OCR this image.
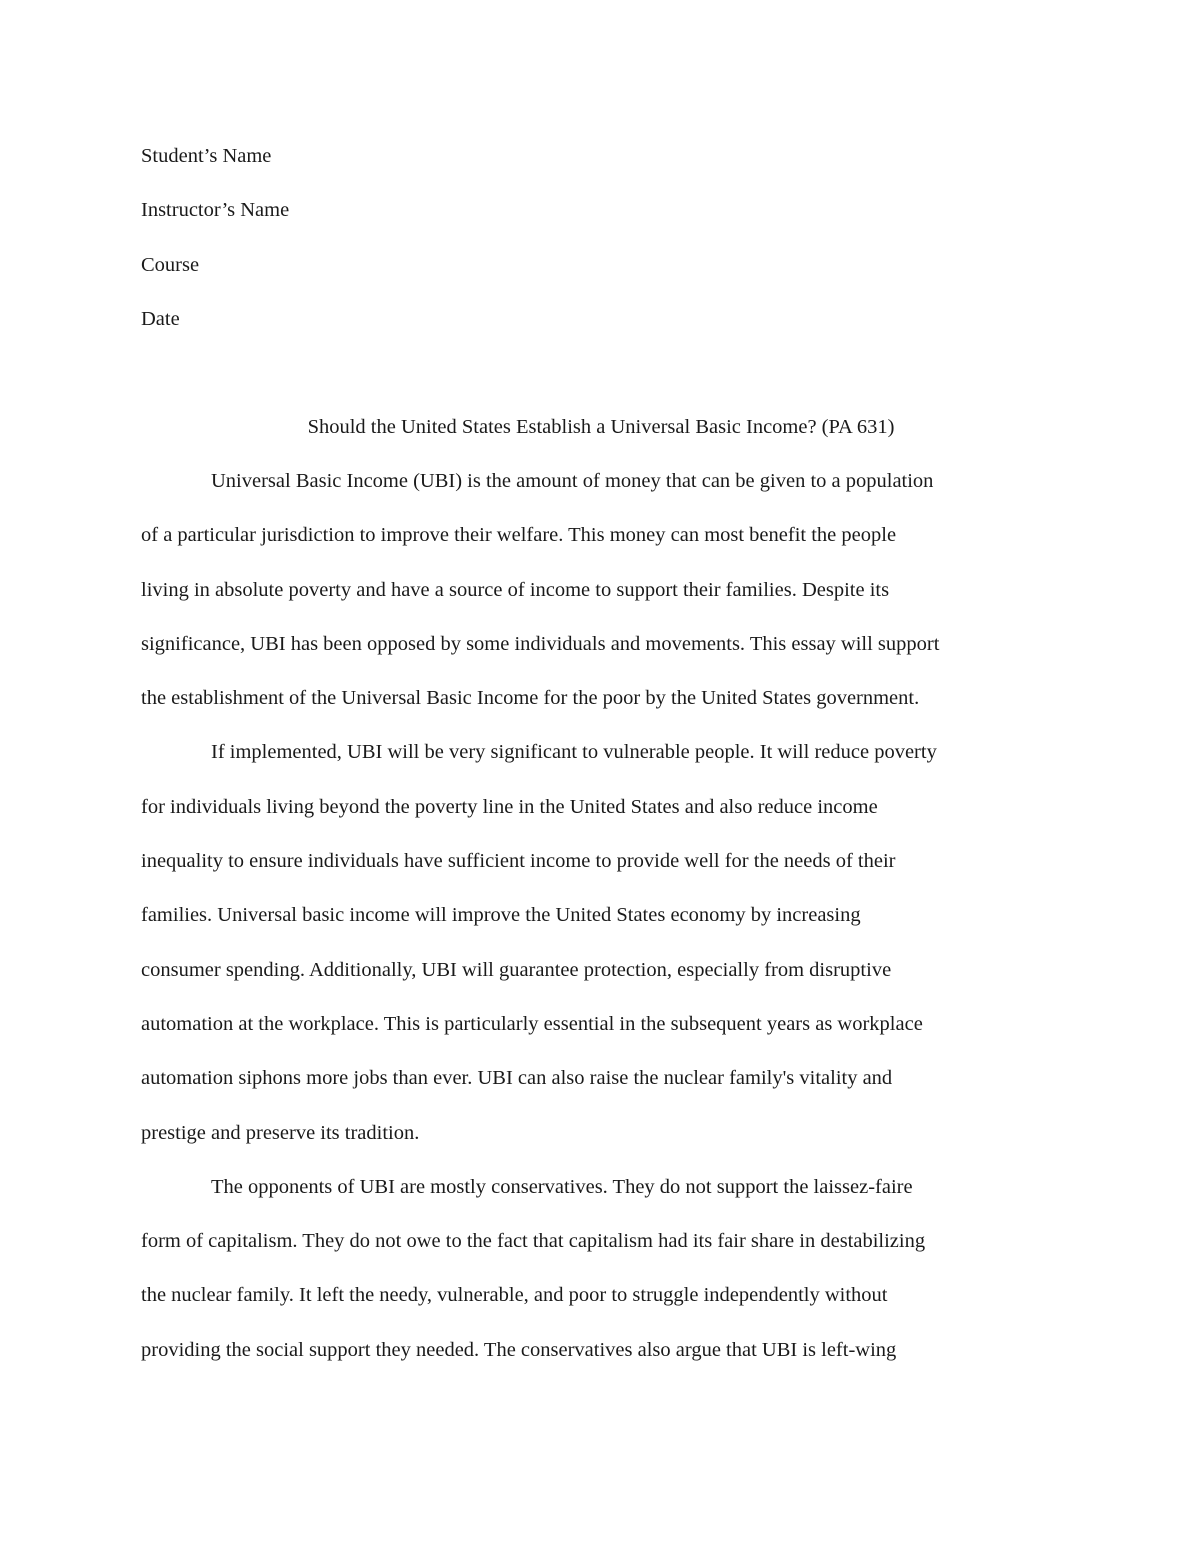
Student’s Name
Instructor’s Name
Course
Date
Should the United States Establish a Universal Basic Income? (PA 631)
Universal Basic Income (UBI) is the amount of money that can be given to a population
of a particular jurisdiction to improve their welfare. This money can most benefit the people
living in absolute poverty and have a source of income to support their families. Despite its
significance, UBI has been opposed by some individuals and movements. This essay will support
the establishment of the Universal Basic Income for the poor by the United States government.
If implemented, UBI will be very significant to vulnerable people. It will reduce poverty
for individuals living beyond the poverty line in the United States and also reduce income
inequality to ensure individuals have sufficient income to provide well for the needs of their
families. Universal basic income will improve the United States economy by increasing
consumer spending. Additionally, UBI will guarantee protection, especially from disruptive
automation at the workplace. This is particularly essential in the subsequent years as workplace
automation siphons more jobs than ever. UBI can also raise the nuclear family's vitality and
prestige and preserve its tradition.
The opponents of UBI are mostly conservatives. They do not support the laissez-faire
form of capitalism. They do not owe to the fact that capitalism had its fair share in destabilizing
the nuclear family. It left the needy, vulnerable, and poor to struggle independently without
providing the social support they needed. The conservatives also argue that UBI is left-wing
